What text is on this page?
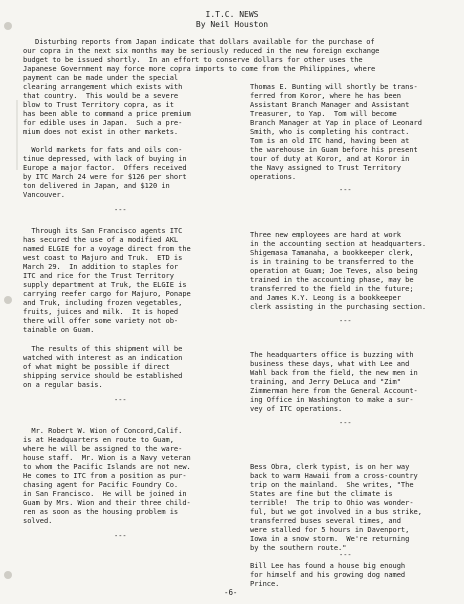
I.T.C. NEWS
By Neil Houston
Disturbing reports from Japan indicate that dollars available for the purchase of
our copra in the next six months may be seriously reduced in the new foreign exchange
budget to be issued shortly.  In an effort to conserve dollars for other uses the
Japanese Government may force more copra imports to come from the Philippines, where
payment can be made under the special
clearing arrangement which exists with
that country.  This would be a severe
blow to Trust Territory copra, as it
has been able to command a price premium
for edible uses in Japan.  Such a pre-
mium does not exist in other markets.
World markets for fats and oils con-
tinue depressed, with lack of buying in
Europe a major factor.  Offers received
by ITC March 24 were for $126 per short
ton delivered in Japan, and $120 in
Vancouver.
---
Through its San Francisco agents ITC
has secured the use of a modified AKL
named ELGIE for a voyage direct from the
west coast to Majuro and Truk.  ETD is
March 29.  In addition to staples for
ITC and rice for the Trust Territory
supply department at Truk, the ELGIE is
carrying reefer cargo for Majuro, Ponape
and Truk, including frozen vegetables,
fruits, juices and milk.  It is hoped
there will offer some variety not ob-
tainable on Guam.
The results of this shipment will be
watched with interest as an indication
of what might be possible if direct
shipping service should be established
on a regular basis.
---
Mr. Robert W. Wion of Concord,Calif.
is at Headquarters en route to Guam,
where he will be assigned to the ware-
house staff.  Mr. Wion is a Navy veteran
to whom the Pacific Islands are not new.
He comes to ITC from a position as pur-
chasing agent for Pacific Foundry Co.
in San Francisco.  He will be joined in
Guam by Mrs. Wion and their three child-
ren as soon as the housing problem is
solved.
---
Thomas E. Bunting will shortly be trans-
ferred from Koror, where he has been
Assistant Branch Manager and Assistant
Treasurer, to Yap.  Tom will become
Branch Manager at Yap in place of Leonard
Smith, who is completing his contract.
Tom is an old ITC hand, having been at
the warehouse in Guam before his present
tour of duty at Koror, and at Koror in
the Navy assigned to Trust Territory
operations.
---
Three new employees are hard at work
in the accounting section at headquarters.
Shigemasa Tamanaha, a bookkeeper clerk,
is in training to be transferred to the
operation at Guam; Joe Teves, also being
trained in the accounting phase, may be
transferred to the field in the future;
and James K.Y. Leong is a bookkeeper
clerk assisting in the purchasing section.
---
The headquarters office is buzzing with
business these days, what with Lee and
Wahl back from the field, the new men in
training, and Jerry DeLuca and "Zim"
Zimmerman here from the General Account-
ing Office in Washington to make a sur-
vey of ITC operations.
---
Bess Obra, clerk typist, is on her way
back to warm Hawaii from a cross-country
trip on the mainland.  She writes, "The
States are fine but the climate is
terrible!  The trip to Ohio was wonder-
ful, but we got involved in a bus strike,
transferred buses several times, and
were stalled for 5 hours in Davenport,
Iowa in a snow storm.  We're returning
by the southern route."
---
Bill Lee has found a house big enough
for himself and his growing dog named
Prince.
-6-
